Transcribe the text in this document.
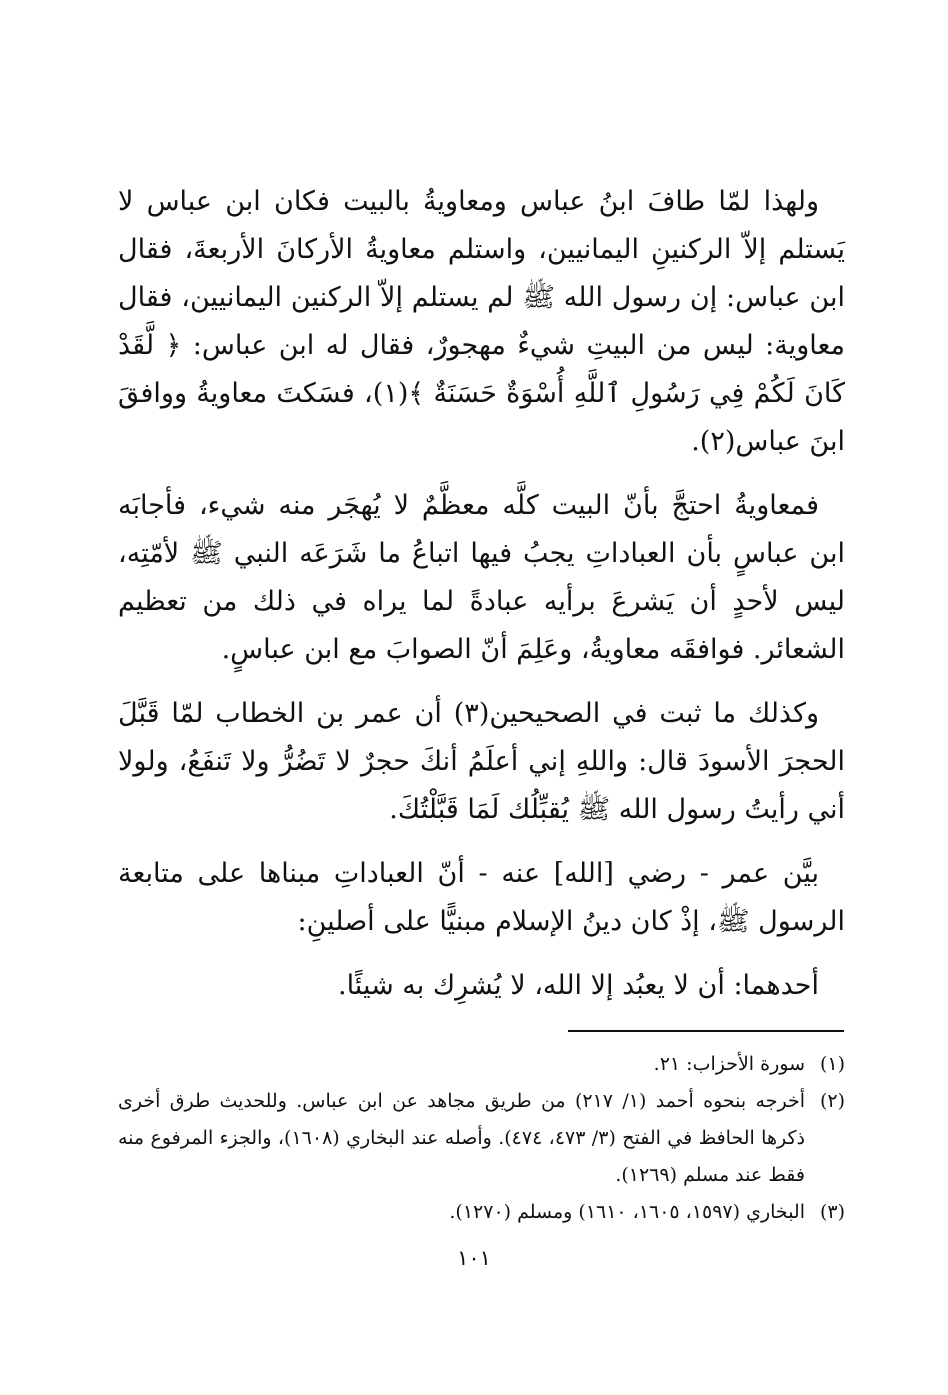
ولهذا لمّا طافَ ابنُ عباس ومعاويةُ بالبيت فكان ابن عباس لا يَستلم إلاّ الركنينِ اليمانيين، واستلم معاويةُ الأركانَ الأربعةَ، فقال ابن عباس: إن رسول الله ﷺ لم يستلم إلاّ الركنين اليمانيين، فقال معاوية: ليس من البيتِ شيءٌ مهجورٌ، فقال له ابن عباس: ﴿ لَّقَدْ كَانَ لَكُمْ فِي رَسُولِ ٱللَّهِ أُسْوَةٌ حَسَنَةٌ ﴾(١)، فسَكتَ معاويةُ ووافقَ ابنَ عباس(٢).

فمعاويةُ احتجَّ بأنّ البيت كلَّه معظَّمٌ لا يُهجَر منه شيء، فأجابَه ابن عباسٍ بأن العباداتِ يجبُ فيها اتباعُ ما شَرَعَه النبي ﷺ لأمّتِه، ليس لأحدٍ أن يَشرعَ برأيه عبادةً لما يراه في ذلك من تعظيم الشعائر. فوافقَه معاويةُ، وعَلِمَ أنّ الصوابَ مع ابن عباسٍ.

وكذلك ما ثبت في الصحيحين(٣) أن عمر بن الخطاب لمّا قَبَّلَ الحجرَ الأسودَ قال: واللهِ إني أعلَمُ أنكَ حجرٌ لا تَضُرُّ ولا تَنفَعُ، ولولا أني رأيتُ رسول الله ﷺ يُقبِّلُك لَمَا قَبَّلْتُكَ.

بيَّن عمر - رضي [الله] عنه - أنّ العباداتِ مبناها على متابعة الرسول ﷺ، إذْ كان دينُ الإسلام مبنيًّا على أصلينِ:

أحدهما: أن لا يعبُد إلا الله، لا يُشرِك به شيئًا.

(١)
سورة الأحزاب: ٢١.
(٢)
أخرجه بنحوه أحمد (١/ ٢١٧) من طريق مجاهد عن ابن عباس. وللحديث طرق أخرى ذكرها الحافظ في الفتح (٣/ ٤٧٣، ٤٧٤). وأصله عند البخاري (١٦٠٨)، والجزء المرفوع منه فقط عند مسلم (١٢٦٩).
(٣)
البخاري (١٥٩٧، ١٦٠٥، ١٦١٠) ومسلم (١٢٧٠).
١٠١
